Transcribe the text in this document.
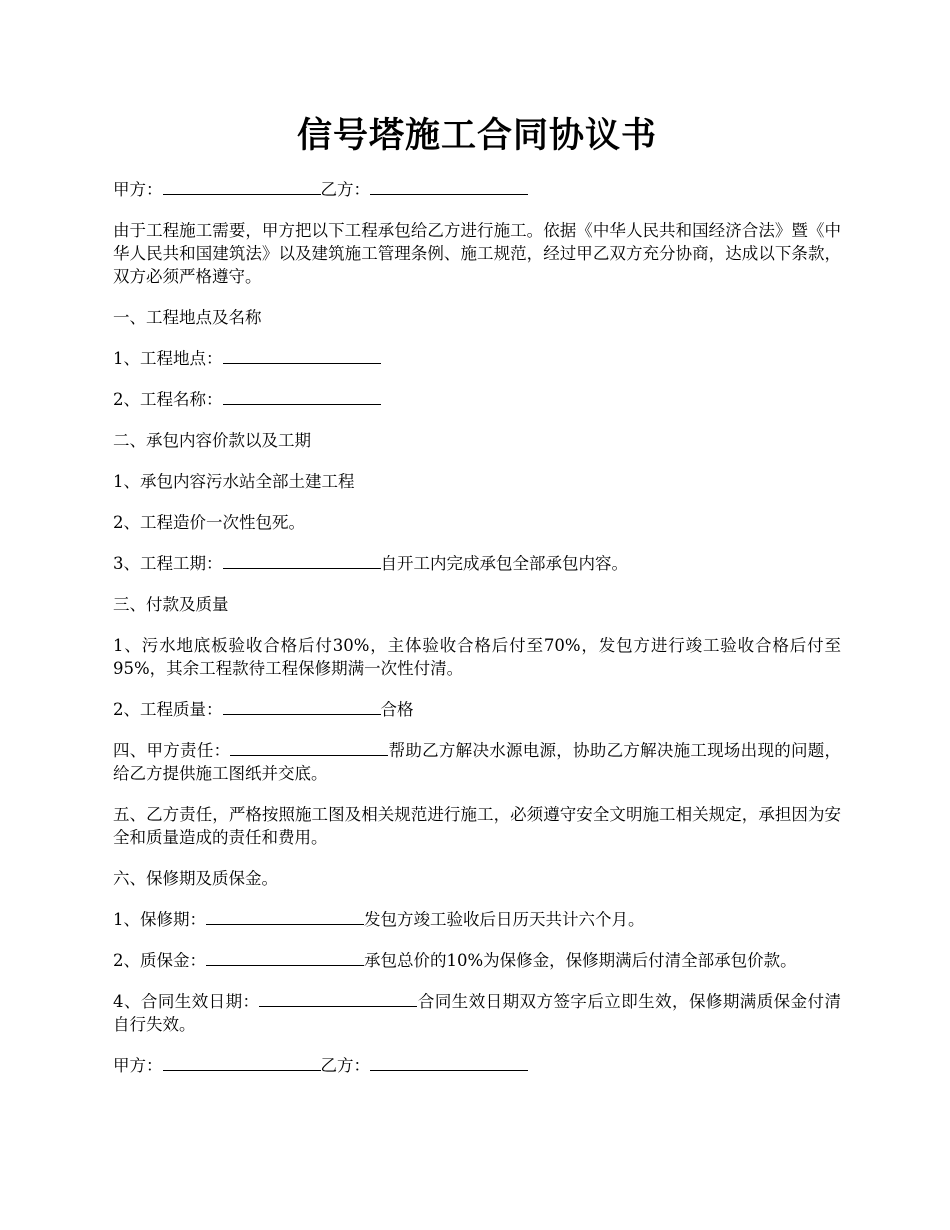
信号塔施工合同协议书

甲方：	乙方：

由于工程施工需要，甲方把以下工程承包给乙方进行施工。依据《中华人民共和国经济合法》暨《中华人民共和国建筑法》以及建筑施工管理条例、施工规范，经过甲乙双方充分协商，达成以下条款，双方必须严格遵守。

一、工程地点及名称

1、工程地点：

2、工程名称：

二、承包内容价款以及工期

1、承包内容污水站全部土建工程

2、工程造价一次性包死。

3、工程工期：	自开工内完成承包全部承包内容。

三、付款及质量

1、污水地底板验收合格后付30%，主体验收合格后付至70%，发包方进行竣工验收合格后付至95%，其余工程款待工程保修期满一次性付清。

2、工程质量：	合格

四、甲方责任：	帮助乙方解决水源电源，协助乙方解决施工现场出现的问题，给乙方提供施工图纸并交底。

五、乙方责任，严格按照施工图及相关规范进行施工，必须遵守安全文明施工相关规定，承担因为安全和质量造成的责任和费用。

六、保修期及质保金。

1、保修期：	发包方竣工验收后日历天共计六个月。

2、质保金：	承包总价的10%为保修金，保修期满后付清全部承包价款。

4、合同生效日期：	合同生效日期双方签字后立即生效，保修期满质保金付清自行失效。

甲方：	乙方：
